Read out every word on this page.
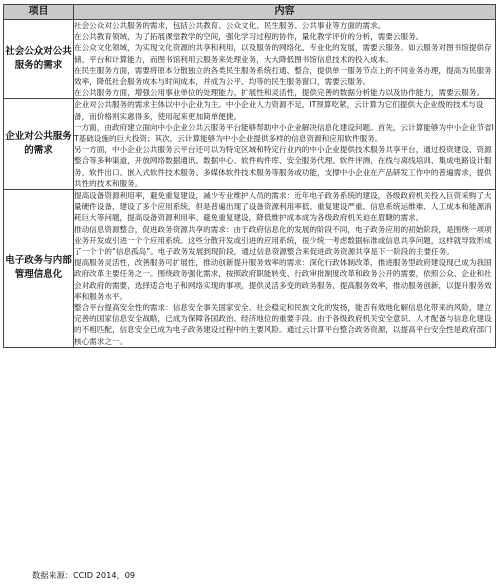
项目	内容
社会公众对公共服务的需求	社会公众对公共服务的需求，包括公共教育、公众文化、民生服务、公共事业等方面的需求。

在公共教育领域，为了拓展课堂教学的空间，强化学习过程的协作，量化教学评价的分析，需要云服务。

在公众文化领域，为实现文化资源的共享和利用，以及服务的网络化、专业化的发展，需要云服务。如云服务对图书馆提供存储、平台和计算能力，而图书馆利用云服务来处理业务，大大降低图书馆信息技术的投入成本。

在民生服务方面，需要将原本分散独立的各类民生服务系统打通、整合，提供单一服务节点上的不同业务办理，提高为民服务效率，降低社会服务成本与时间成本，并成为公平、均等的民生服务窗口，需要云服务。

在公共服务方面，增强公用事业单位的处理能力、扩展性和灵活性，提供完善的数据分析能力以及协作能力，需要云服务。

企业对公共服务的需求	企业对公共服务的需求主体以中小企业为主。中小企业人力资源不足，IT预算吃紧，云计算为它们提供大企业级的技术与设备，而价格则实惠得多，使用起来更加简单便捷。

一方面，由政府建立面向中小企业公共云服务平台能够帮助中小企业解决信息化建设问题。首先，云计算能够为中小企业节省IT基础设施的巨大投资；其次，云计算能够为中小企业提供多样的信息资源和应用软件服务。

另一方面，中小企业公共服务云平台还可以为特定区域和特定行业内的中小企业提供技术服务共享平台，通过投资建设、资源整合等多种渠道，开放网络数据通讯、数据中心、软件构件库、安全服务代理、软件评测、在线与离线培训、集成电路设计服务、软件出口、嵌入式软件技术服务、多媒体软件技术服务等服务或功能，支撑中小企业在产品研发工作中的普遍需求，提供共性的技术和服务。

电子政务与内部管理信息化	提高设备资源利用率，避免重复建设，减少专业维护人员的需求：近年电子政务系统的建设，各级政府机关投入巨资采购了大量硬件设备，建设了多个应用系统，但是普遍出现了设备资源利用率低、重复建设严重、信息系统运维难、人工成本和能源消耗巨大等问题，提高设备资源利用率、避免重复建设，降低维护成本成为各级政府机关迫在眉睫的需求。

推动信息资源整合，促进政务资源共享的需求：由于政府信息化的发展的阶段不同，电子政务应用的初始阶段，是围绕一项项业务开发或引进一个个应用系统。这些分散开发或引进的应用系统，很少统一考虑数据标准或信息共享问题，这样就导致形成了一个个的“信息孤岛”。电子政务发展到现阶段，通过信息资源整合来促进政务资源共享是下一阶段的主要任务。

提高服务灵活性，改善服务可扩展性，推动创新提升服务效率的需求：深化行政体制改革，推进服务型政府建设现已成为我国政府改革主要任务之一。围绕政务强化需求，按照政府职能转变、行政审批制度改革和政务公开的需要，依照公众、企业和社会对政府的需要，选择适合电子和网络实现的事项，提供灵活多变的政务服务，提高服务效率，推动服务创新，以提升服务效率和服务水平。

整合平台提高安全性的需求：信息安全事关国家安全、社会稳定和民族文化的发扬，能否有效地化解信息化带来的风险，建立完善的国家信息安全战略，已成为保障各国政治、经济地位的重要手段。由于各级政府机关安全意识、人才配备与信息化建设的不相匹配，信息安全已成为电子政务建设过程中的主要风险。通过云计算平台整合政务资源，以提高平台安全性是政府部门核心需求之一。

数据来源：CCID 2014，09
